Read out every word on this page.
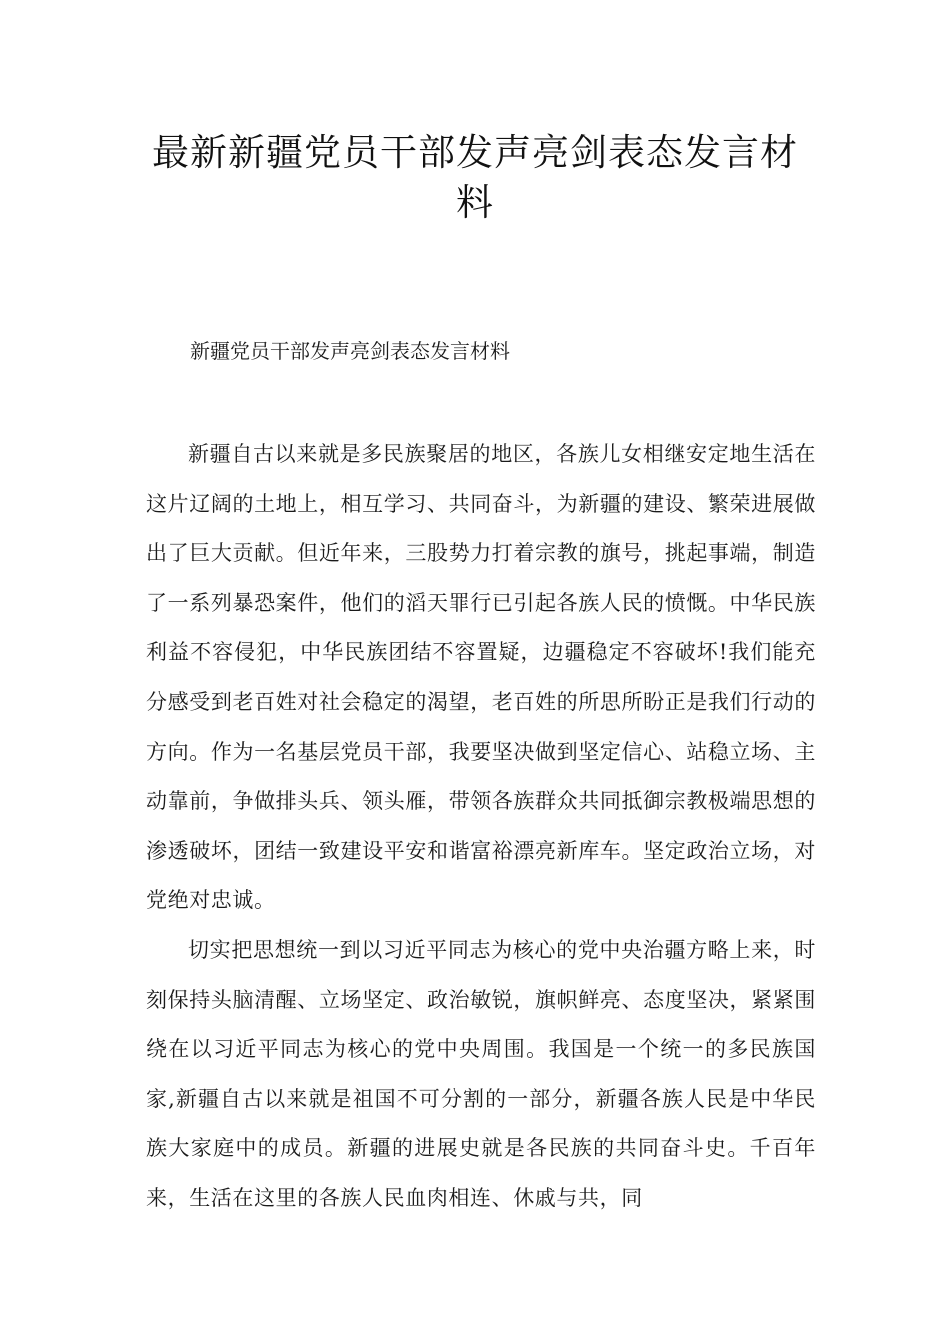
最新新疆党员干部发声亮剑表态发言材料

新疆党员干部发声亮剑表态发言材料

新疆自古以来就是多民族聚居的地区，各族儿女相继安定地生活在这片辽阔的土地上，相互学习、共同奋斗，为新疆的建设、繁荣进展做出了巨大贡献。但近年来，三股势力打着宗教的旗号，挑起事端，制造了一系列暴恐案件，他们的滔天罪行已引起各族人民的愤慨。中华民族利益不容侵犯，中华民族团结不容置疑，边疆稳定不容破坏!我们能充分感受到老百姓对社会稳定的渴望，老百姓的所思所盼正是我们行动的方向。作为一名基层党员干部，我要坚决做到坚定信心、站稳立场、主动靠前，争做排头兵、领头雁，带领各族群众共同抵御宗教极端思想的渗透破坏，团结一致建设平安和谐富裕漂亮新库车。坚定政治立场，对党绝对忠诚。

切实把思想统一到以习近平同志为核心的党中央治疆方略上来，时刻保持头脑清醒、立场坚定、政治敏锐，旗帜鲜亮、态度坚决，紧紧围绕在以习近平同志为核心的党中央周围。我国是一个统一的多民族国家,新疆自古以来就是祖国不可分割的一部分，新疆各族人民是中华民族大家庭中的成员。新疆的进展史就是各民族的共同奋斗史。千百年来，生活在这里的各族人民血肉相连、休戚与共，同
